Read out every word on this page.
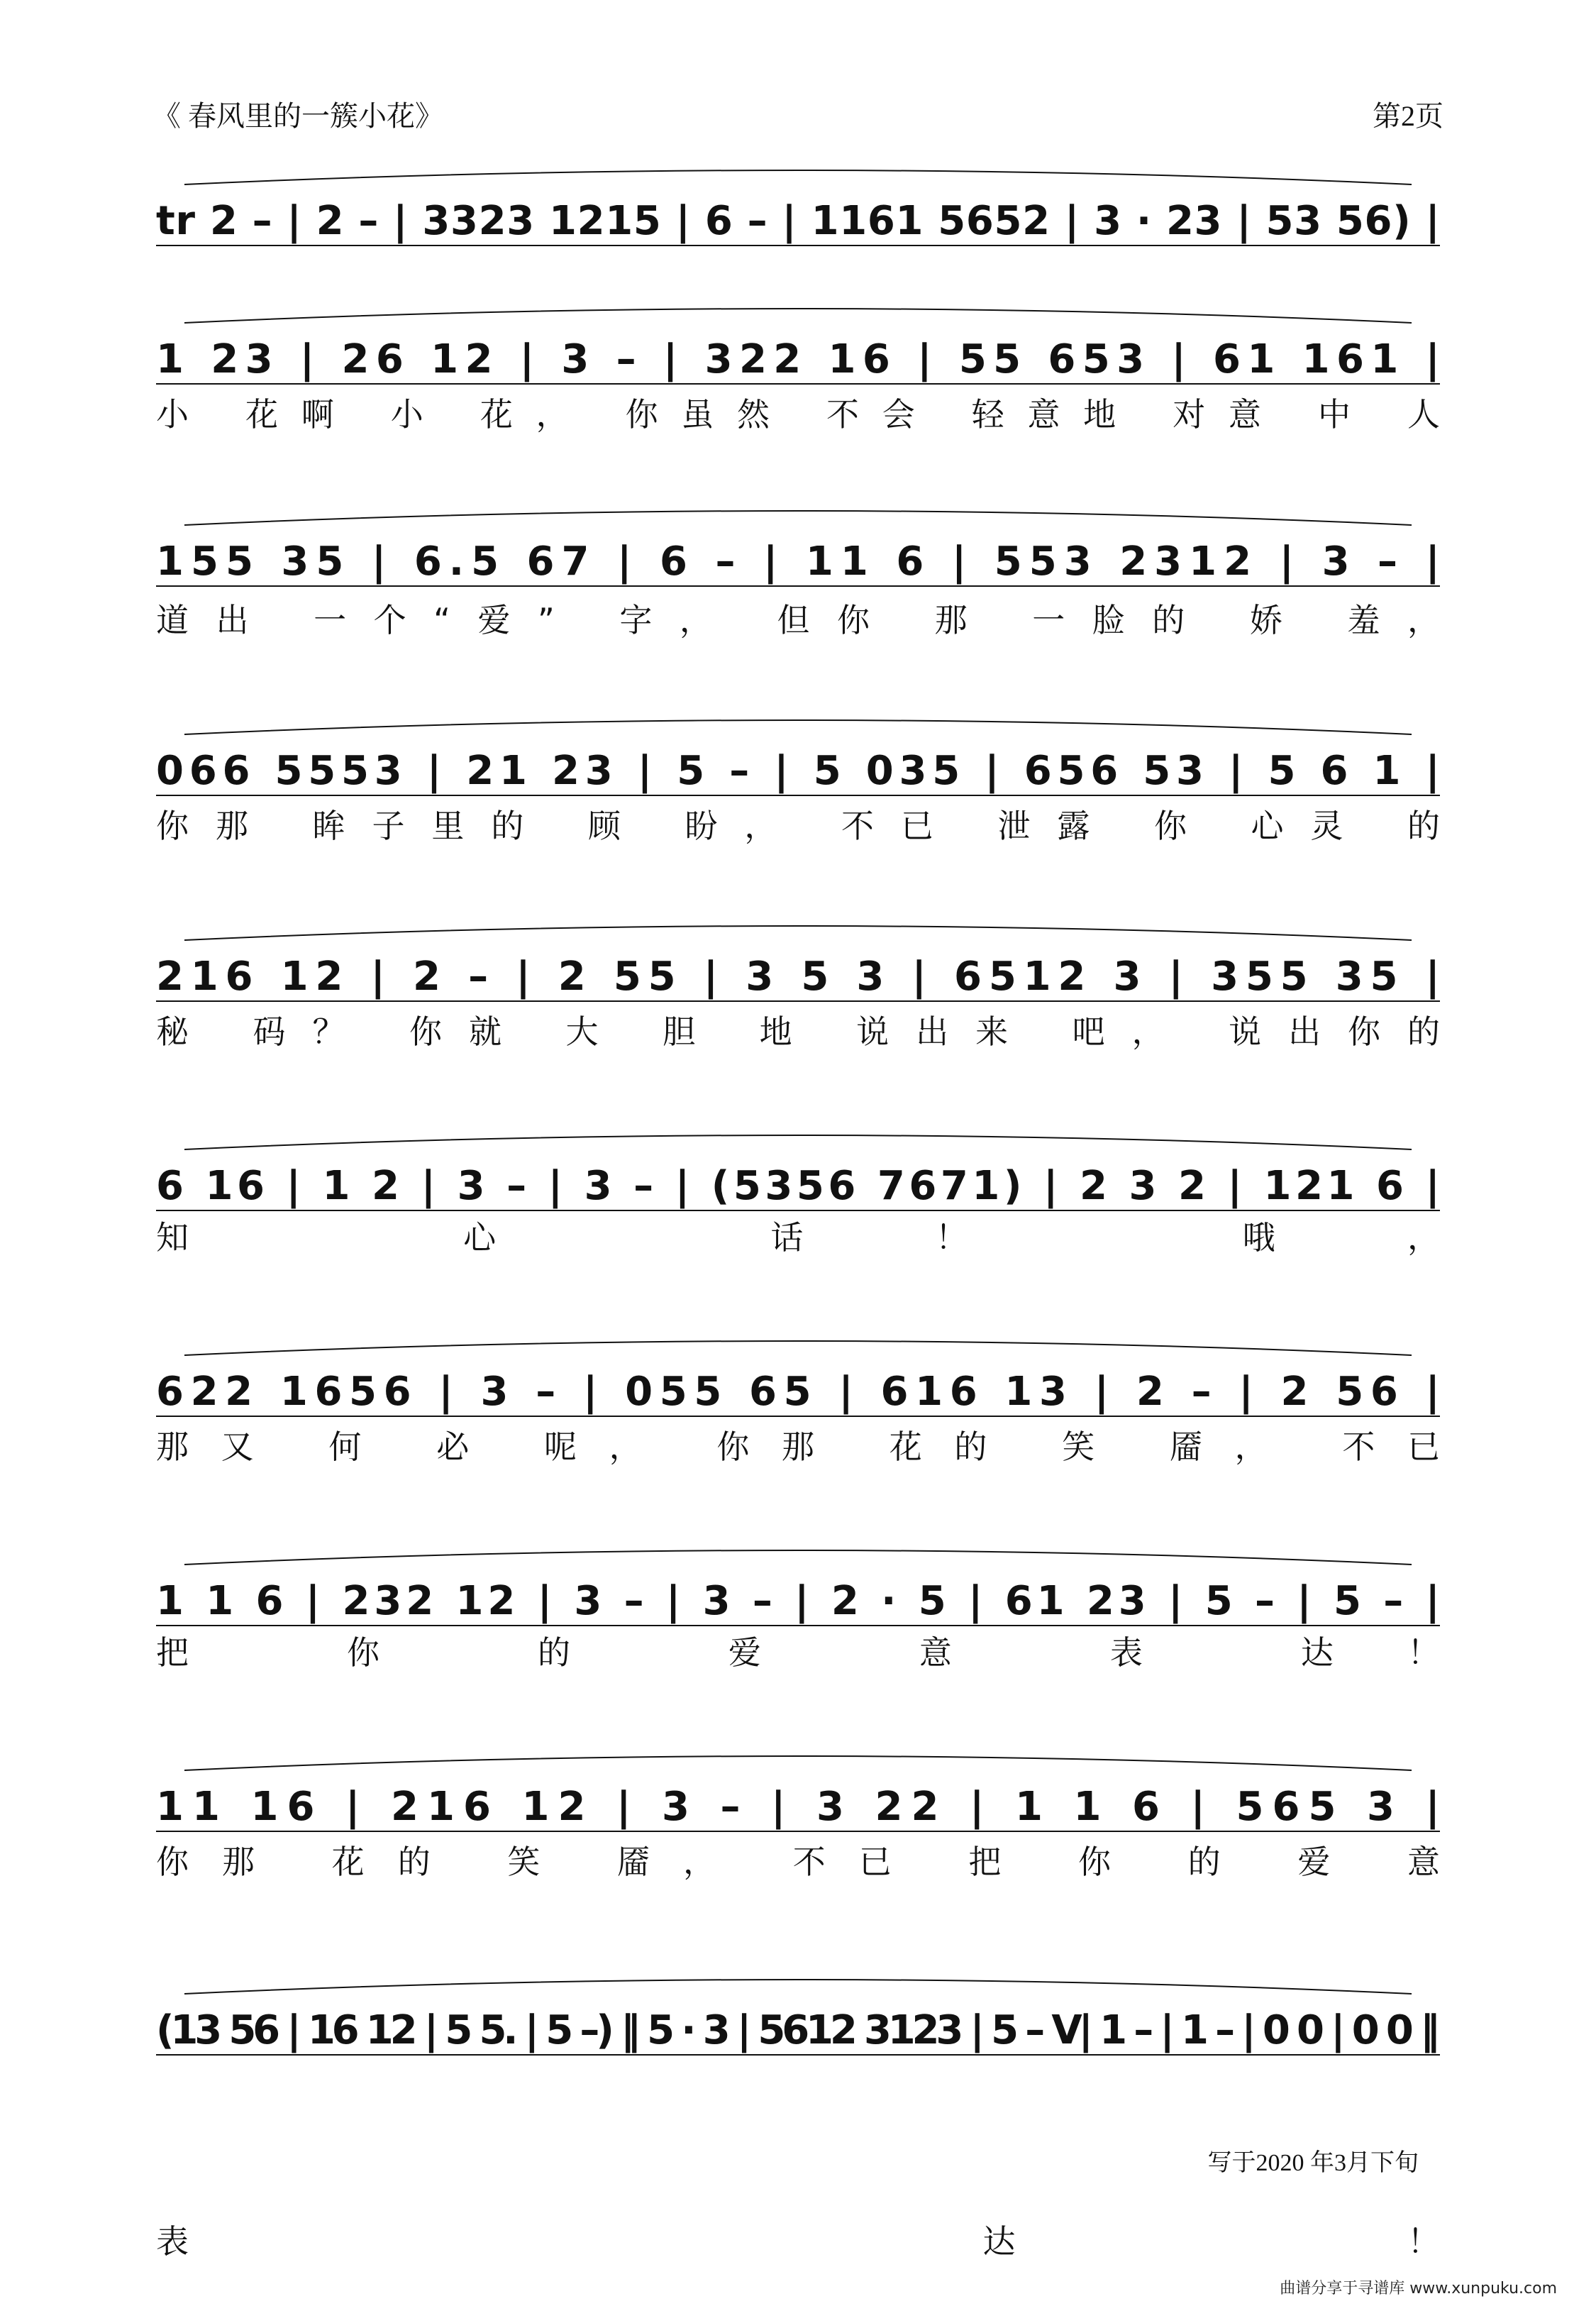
《 春风里的一簇小花》	第2页
tr 2 – | 2 – | 3323 1215 | 6 – | 1161 5652 | 3 · 23 | 53 56) |
1 23 | 26 12 | 3 – | 322 16 | 55 653 | 61 161 |
155 35 | 6.5 67 | 6 – | 11 6 | 553 2312 | 3 – |
066 5553 | 21 23 | 5 – | 5 035 | 656 53 | 5 6 1 |
216 12 | 2 – | 2 55 | 3 5 3 | 6512 3 | 355 35 |
6 16 | 1 2 | 3 – | 3 – | (5356 7671) | 2 3 2 | 121 6 |
622 1656 | 3 – | 055 65 | 616 13 | 2 – | 2 56 |
1 1 6 | 232 12 | 3 – | 3 – | 2 · 5 | 61 23 | 5 – | 5 – |
11 16 | 216 12 | 3 – | 3 22 | 1 1 6 | 565 3 |
(13 56 | 16 12 | 5 5. | 5 –) ‖ 5 · 3 | 5612 3123 | 5 – V| 1 – | 1 – | 0 0 | 0 0 ‖
小 花啊 小 花， 你虽然 不会 轻意地 对意 中 人
道出 一个“爱” 字， 但你 那 一脸的 娇 羞，
你那 眸子里的 顾 盼， 不已 泄露 你 心灵 的
秘 码？ 你就 大 胆 地 说出来 吧， 说出你的
知 心 话！ 哦，
那又 何 必 呢， 你那 花的 笑 靥， 不已
把 你 的 爱 意 表 达！
你那 花的 笑 靥， 不已 把 你 的 爱 意
表 达！
写于2020 年3月下旬
曲谱分享于寻谱库 www.xunpuku.com
